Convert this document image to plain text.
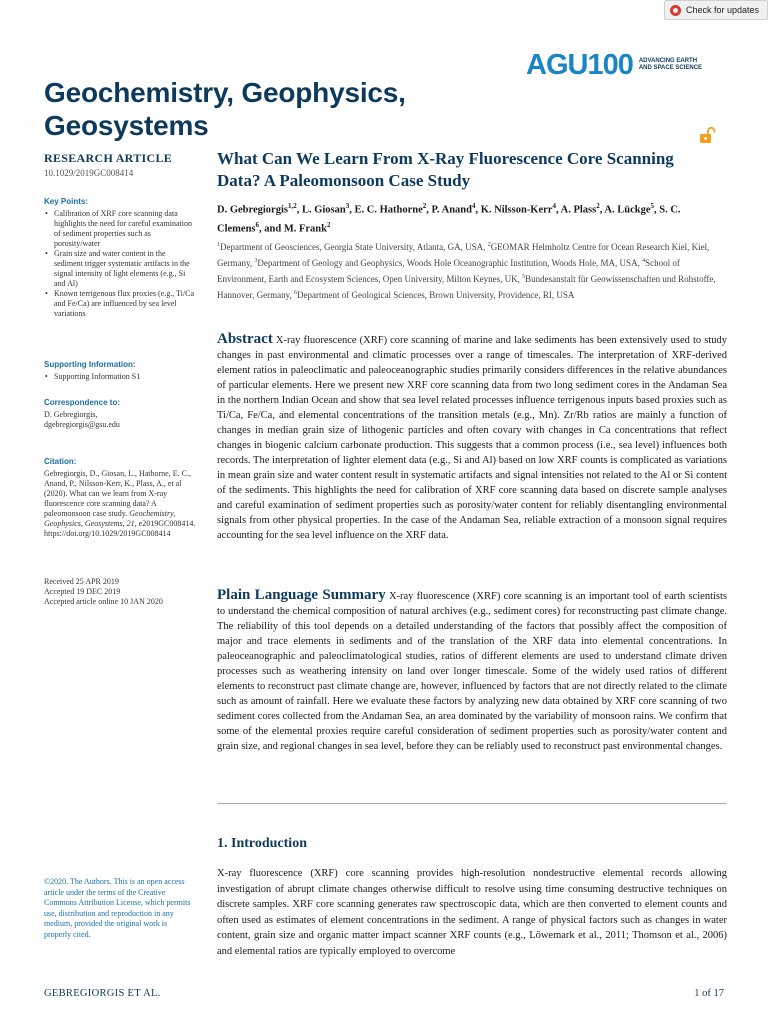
Check for updates
Geochemistry, Geophysics,
Geosystems
AGU100 ADVANCING EARTH AND SPACE SCIENCE
RESEARCH ARTICLE
10.1029/2019GC008414
Key Points:
• Calibration of XRF core scanning data highlights the need for careful examination of sediment properties such as porosity/water
• Grain size and water content in the sediment trigger systematic artifacts in the signal intensity of light elements (e.g., Si and Al)
• Known terrigenous flux proxies (e.g., Ti/Ca and Fe/Ca) are influenced by sea level variations
Supporting Information:
• Supporting Information S1
Correspondence to:
D. Gebregiorgis,
dgebregiorgis@gsu.edu
Citation:
Gebregiorgis, D., Giosan, L., Hathorne, E. C., Anand, P., Nilsson-Kerr, K., Plass, A., et al (2020). What can we learn from X-ray fluorescence core scanning data? A paleomonsoon case study. Geochemistry, Geophysics, Geosystems, 21, e2019GC008414. https://doi.org/10.1029/2019GC008414
Received 25 APR 2019
Accepted 19 DEC 2019
Accepted article online 10 JAN 2020
©2020. The Authors. This is an open access article under the terms of the Creative Commons Attribution License, which permits use, distribution and reproduction in any medium, provided the original work is properly cited.
What Can We Learn From X-Ray Fluorescence Core Scanning Data? A Paleomonsoon Case Study
D. Gebregiorgis$^{1,2}$, L. Giosan$^3$, E. C. Hathorne$^2$, P. Anand$^4$, K. Nilsson-Kerr$^4$, A. Plass$^2$, A. Lückge$^5$, S. C. Clemens$^6$, and M. Frank$^2$
$^1$Department of Geosciences, Georgia State University, Atlanta, GA, USA, $^2$GEOMAR Helmholtz Centre for Ocean Research Kiel, Kiel, Germany, $^3$Department of Geology and Geophysics, Woods Hole Oceanographic Institution, Woods Hole, MA, USA, $^4$School of Environment, Earth and Ecosystem Sciences, Open University, Milton Keynes, UK, $^5$Bundesanstalt für Geowissenschaften und Rohstoffe, Hannover, Germany, $^6$Department of Geological Sciences, Brown University, Providence, RI, USA
Abstract X-ray fluorescence (XRF) core scanning of marine and lake sediments has been extensively used to study changes in past environmental and climatic processes over a range of timescales. The interpretation of XRF-derived element ratios in paleoclimatic and paleoceanographic studies primarily considers differences in the relative abundances of particular elements. Here we present new XRF core scanning data from two long sediment cores in the Andaman Sea in the northern Indian Ocean and show that sea level related processes influence terrigenous inputs based proxies such as Ti/Ca, Fe/Ca, and elemental concentrations of the transition metals (e.g., Mn). Zr/Rb ratios are mainly a function of changes in median grain size of lithogenic particles and often covary with changes in Ca concentrations that reflect changes in biogenic calcium carbonate production. This suggests that a common process (i.e., sea level) influences both records. The interpretation of lighter element data (e.g., Si and Al) based on low XRF counts is complicated as variations in mean grain size and water content result in systematic artifacts and signal intensities not related to the Al or Si content of the sediments. This highlights the need for calibration of XRF core scanning data based on discrete sample analyses and careful examination of sediment properties such as porosity/water content for reliably disentangling environmental signals from other physical properties. In the case of the Andaman Sea, reliable extraction of a monsoon signal requires accounting for the sea level influence on the XRF data.
Plain Language Summary X-ray fluorescence (XRF) core scanning is an important tool of earth scientists to understand the chemical composition of natural archives (e.g., sediment cores) for reconstructing past climate change. The reliability of this tool depends on a detailed understanding of the factors that possibly affect the composition of major and trace elements in sediments and of the translation of the XRF data into elemental concentrations. In paleoceanographic and paleoclimatological studies, ratios of different elements are used to understand climate driven processes such as weathering intensity on land over longer timescale. Some of the widely used ratios of different elements to reconstruct past climate change are, however, influenced by factors that are not directly related to the climate such as amount of rainfall. Here we evaluate these factors by analyzing new data obtained by XRF core scanning of two sediment cores collected from the Andaman Sea, an area dominated by the variability of monsoon rains. We confirm that some of the elemental proxies require careful consideration of sediment properties such as porosity/water content and grain size, and regional changes in sea level, before they can be reliably used to reconstruct past environmental changes.
1. Introduction
X-ray fluorescence (XRF) core scanning provides high-resolution nondestructive elemental records allowing investigation of abrupt climate changes otherwise difficult to resolve using time consuming destructive techniques on discrete samples. XRF core scanning generates raw spectroscopic data, which are then converted to element counts and often used as estimates of element concentrations in the sediment. A range of physical factors such as changes in water content, grain size and organic matter impact scanner XRF counts (e.g., Löwemark et al., 2011; Thomson et al., 2006) and elemental ratios are typically employed to overcome
GEBREGIORGIS ET AL.	1 of 17
